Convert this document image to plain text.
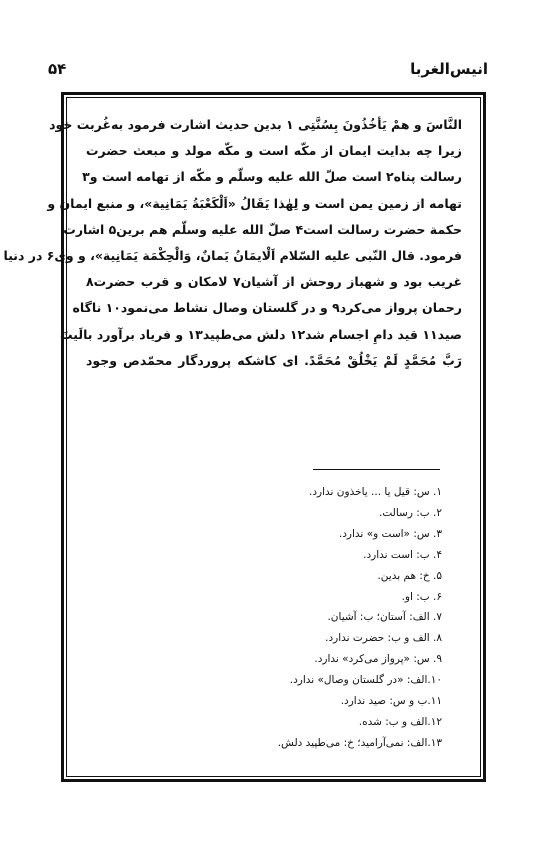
انیس‌الغربا
۵۴
النَّاسَ و همْ يَأخُذُونَ بِسُنَّتِی ۱ بدین حدیث اشارت فرمود به‌غُربت خود
زیرا چه بدایت ایمان از مکّه است و مکّه مولد و مبعث حضرت
رسالت پناه۲ است صلّ الله علیه وسلّم و مکّه از تهامه است و۳
تهامه از زمین یمن است و لِهٰذا یَقَالُ «اَلْکَعْبَةُ یَمَانِیة»، و منبع ایمان و
حکمة حضرت رسالت است۴ صلّ الله علیه وسلّم هم برین۵ اشارت
فرمود. قال النّبی علیه السّلام اَلْایمَانُ یَمانٌ، وَالْحِکْمَة یَمَانِیة»، و وی۶ در دنیا
غریب بود و شهباز روحش از آشیان۷ لامکان و قرب حضرت۸
رحمان پرواز می‌کرد۹ و در گلستان وصال نشاط می‌نمود۱۰ ناگاه
صید۱۱ قید دامِ اجسام شد۱۲ دلش می‌طپید۱۳ و فریاد برآورد بالَیتَ
رَبَّ مُحَمَّدٍ لَمْ یَخْلُقْ مُحَمَّدً. ای کاشکه پروردگار محمّدص وجود
۱. س: قیل یا ... یاخذون ندارد.
۲. ب: رسالت.
۳. س: «است و» ندارد.
۴. ب: است ندارد.
۵. خ: هم بدین.
۶. ب: او.
۷. الف: آستان؛ ب: آشیان.
۸. الف و ب: حضرت ندارد.
۹. س: «پرواز می‌کرد» ندارد.
۱۰.الف: «در گلستان وصال» ندارد.
۱۱.ب و س: صید ندارد.
۱۲.الف و ب: شده.
۱۳.الف: نمی‌آرامید؛ خ: می‌طپید دلش.
